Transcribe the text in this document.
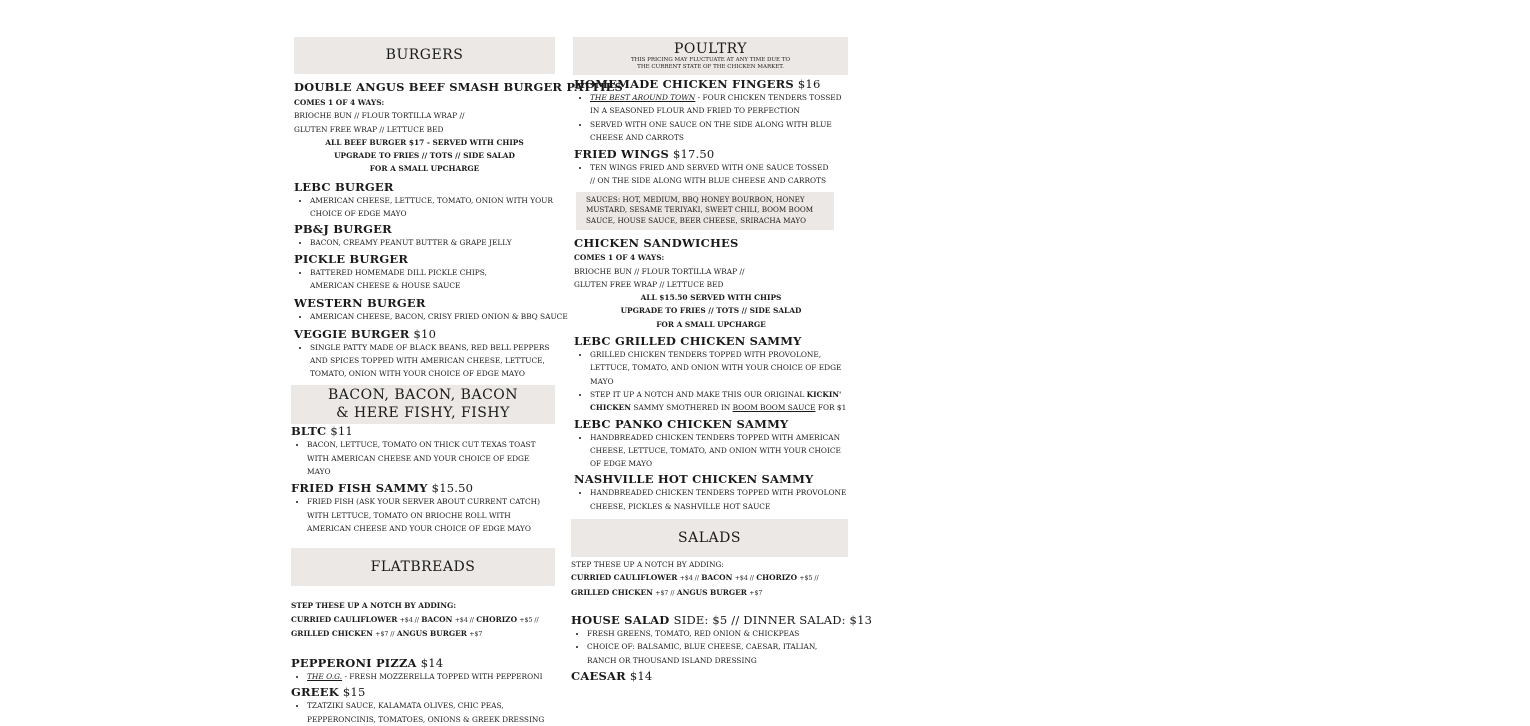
BURGERS
DOUBLE ANGUS BEEF SMASH BURGER PATTIES
COMES 1 OF 4 WAYS:
BRIOCHE BUN // FLOUR TORTILLA WRAP //
GLUTEN FREE WRAP // LETTUCE BED
ALL BEEF BURGER $17 - SERVED WITH CHIPS
UPGRADE TO FRIES // TOTS // SIDE SALAD
FOR A SMALL UPCHARGE
LEBC BURGER
• AMERICAN CHEESE, LETTUCE, TOMATO, ONION WITH YOUR CHOICE OF EDGE MAYO
PB&J BURGER
• BACON, CREAMY PEANUT BUTTER & GRAPE JELLY
PICKLE BURGER
• BATTERED HOMEMADE DILL PICKLE CHIPS, AMERICAN CHEESE & HOUSE SAUCE
WESTERN BURGER
• AMERICAN CHEESE, BACON, CRISY FRIED ONION & BBQ SAUCE
VEGGIE BURGER $10
• SINGLE PATTY MADE OF BLACK BEANS, RED BELL PEPPERS AND SPICES TOPPED WITH AMERICAN CHEESE, LETTUCE, TOMATO, ONION WITH YOUR CHOICE OF EDGE MAYO
BACON, BACON, BACON
& HERE FISHY, FISHY
BLTC $11
• BACON, LETTUCE, TOMATO ON THICK CUT TEXAS TOAST WITH AMERICAN CHEESE AND YOUR CHOICE OF EDGE MAYO
FRIED FISH SAMMY $15.50
• FRIED FISH (ASK YOUR SERVER ABOUT CURRENT CATCH) WITH LETTUCE, TOMATO ON BRIOCHE ROLL WITH AMERICAN CHEESE AND YOUR CHOICE OF EDGE MAYO
FLATBREADS
STEP THESE UP A NOTCH BY ADDING:
CURRIED CAULIFLOWER +$4 // BACON +$4 // CHORIZO +$5 //
GRILLED CHICKEN +$7 // ANGUS BURGER +$7
PEPPERONI PIZZA $14
• THE O.G. - FRESH MOZZERELLA TOPPED WITH PEPPERONI
GREEK $15
• TZATZIKI SAUCE, KALAMATA OLIVES, CHIC PEAS, PEPPERONCINIS, TOMATOES, ONIONS & GREEK DRESSING
POULTRY
THIS PRICING MAY FLUCTUATE AT ANY TIME DUE TO
THE CURRENT STATE OF THE CHICKEN MARKET.
HOMEMADE CHICKEN FINGERS $16
• THE BEST AROUND TOWN - FOUR CHICKEN TENDERS TOSSED IN A SEASONED FLOUR AND FRIED TO PERFECTION
• SERVED WITH ONE SAUCE ON THE SIDE ALONG WITH BLUE CHEESE AND CARROTS
FRIED WINGS $17.50
• TEN WINGS FRIED AND SERVED WITH ONE SAUCE TOSSED
// ON THE SIDE ALONG WITH BLUE CHEESE AND CARROTS
SAUCES: HOT, MEDIUM, BBQ HONEY BOURBON, HONEY MUSTARD, SESAME TERIYAKI, SWEET CHILI, BOOM BOOM SAUCE, HOUSE SAUCE, BEER CHEESE, SRIRACHA MAYO
CHICKEN SANDWICHES
COMES 1 OF 4 WAYS:
BRIOCHE BUN // FLOUR TORTILLA WRAP //
GLUTEN FREE WRAP // LETTUCE BED
ALL $15.50 SERVED WITH CHIPS
UPGRADE TO FRIES // TOTS // SIDE SALAD
FOR A SMALL UPCHARGE
LEBC GRILLED CHICKEN SAMMY
• GRILLED CHICKEN TENDERS TOPPED WITH PROVOLONE, LETTUCE, TOMATO, AND ONION WITH YOUR CHOICE OF EDGE MAYO
• STEP IT UP A NOTCH AND MAKE THIS OUR ORIGINAL KICKIN' CHICKEN SAMMY SMOTHERED IN BOOM BOOM SAUCE FOR $1
LEBC PANKO CHICKEN SAMMY
• HANDBREADED CHICKEN TENDERS TOPPED WITH AMERICAN CHEESE, LETTUCE, TOMATO, AND ONION WITH YOUR CHOICE OF EDGE MAYO
NASHVILLE HOT CHICKEN SAMMY
• HANDBREADED CHICKEN TENDERS TOPPED WITH PROVOLONE CHEESE, PICKLES & NASHVILLE HOT SAUCE
SALADS
STEP THESE UP A NOTCH BY ADDING:
CURRIED CAULIFLOWER +$4 // BACON +$4 // CHORIZO +$5 //
GRILLED CHICKEN +$7 // ANGUS BURGER +$7
HOUSE SALAD SIDE: $5 // DINNER SALAD: $13
• FRESH GREENS, TOMATO, RED ONION & CHICKPEAS
• CHOICE OF: BALSAMIC, BLUE CHEESE, CAESAR, ITALIAN, RANCH OR THOUSAND ISLAND DRESSING
CAESAR $14
